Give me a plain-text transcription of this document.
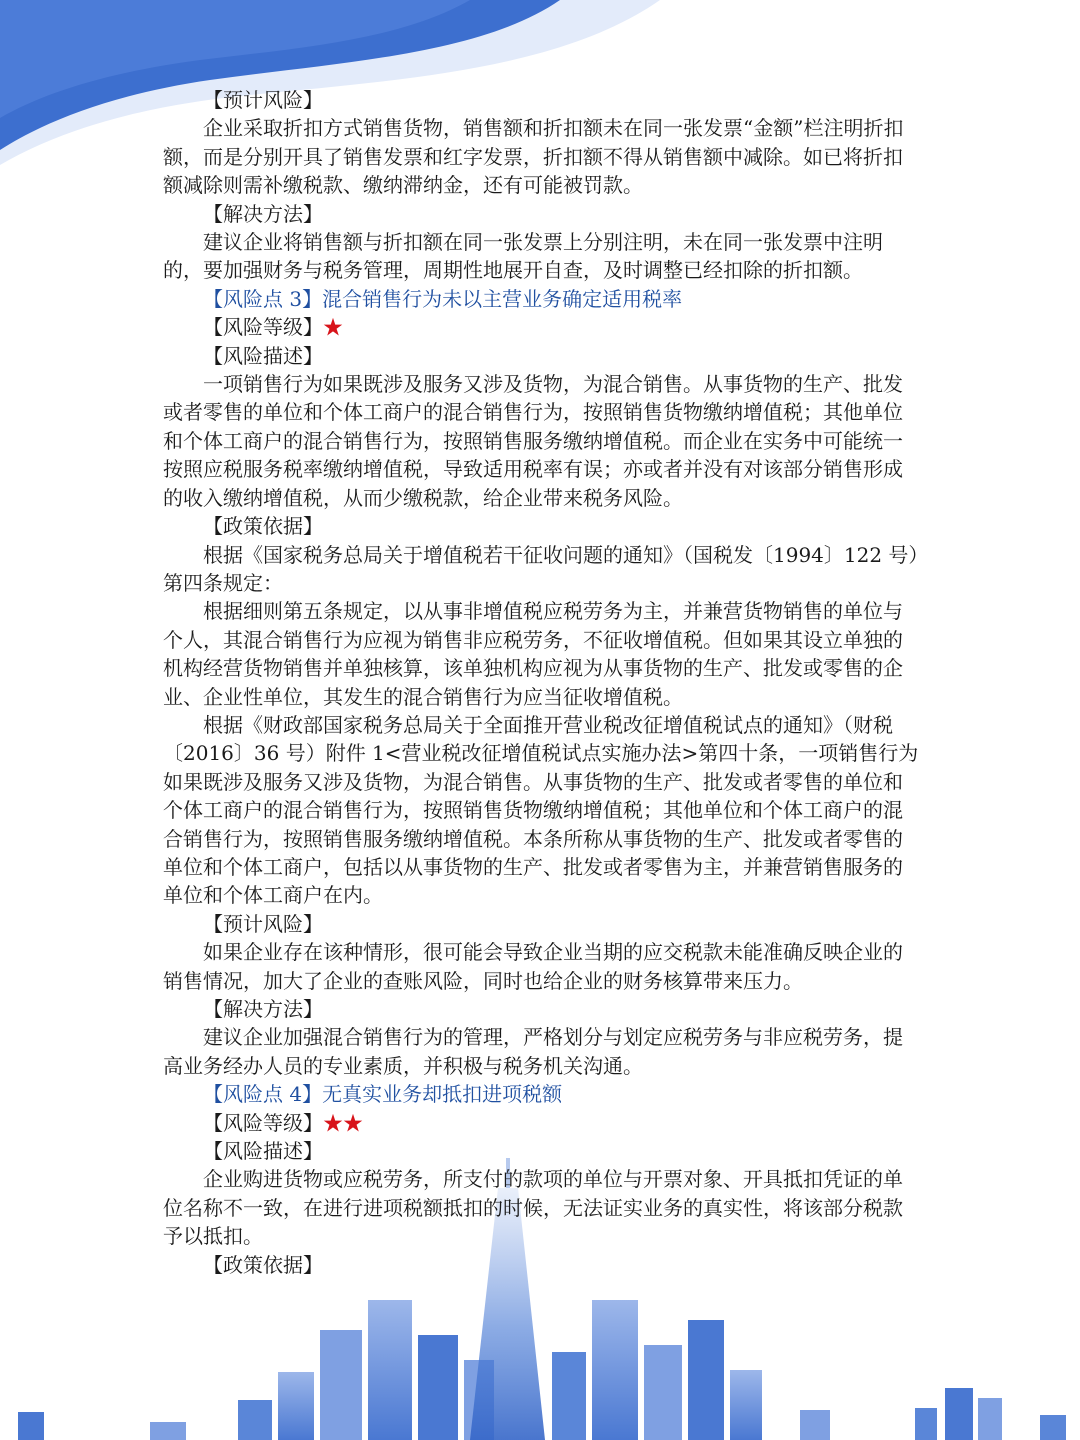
【预计风险】

企业采取折扣方式销售货物，销售额和折扣额未在同一张发票“金额”栏注明折扣额，而是分别开具了销售发票和红字发票，折扣额不得从销售额中减除。如已将折扣额减除则需补缴税款、缴纳滞纳金，还有可能被罚款。

【解决方法】

建议企业将销售额与折扣额在同一张发票上分别注明，未在同一张发票中注明的，要加强财务与税务管理，周期性地展开自查，及时调整已经扣除的折扣额。

【风险点 3】混合销售行为未以主营业务确定适用税率

【风险等级】★

【风险描述】

一项销售行为如果既涉及服务又涉及货物，为混合销售。从事货物的生产、批发或者零售的单位和个体工商户的混合销售行为，按照销售货物缴纳增值税；其他单位和个体工商户的混合销售行为，按照销售服务缴纳增值税。而企业在实务中可能统一按照应税服务税率缴纳增值税，导致适用税率有误；亦或者并没有对该部分销售形成的收入缴纳增值税，从而少缴税款，给企业带来税务风险。

【政策依据】

根据《国家税务总局关于增值税若干征收问题的通知》（国税发〔1994〕122 号）第四条规定：

根据细则第五条规定，以从事非增值税应税劳务为主，并兼营货物销售的单位与个人，其混合销售行为应视为销售非应税劳务，不征收增值税。但如果其设立单独的机构经营货物销售并单独核算，该单独机构应视为从事货物的生产、批发或零售的企业、企业性单位，其发生的混合销售行为应当征收增值税。

根据《财政部国家税务总局关于全面推开营业税改征增值税试点的通知》（财税〔2016〕36 号）附件 1<营业税改征增值税试点实施办法>第四十条，一项销售行为如果既涉及服务又涉及货物，为混合销售。从事货物的生产、批发或者零售的单位和个体工商户的混合销售行为，按照销售货物缴纳增值税；其他单位和个体工商户的混合销售行为，按照销售服务缴纳增值税。本条所称从事货物的生产、批发或者零售的单位和个体工商户，包括以从事货物的生产、批发或者零售为主，并兼营销售服务的单位和个体工商户在内。

【预计风险】

如果企业存在该种情形，很可能会导致企业当期的应交税款未能准确反映企业的销售情况，加大了企业的查账风险，同时也给企业的财务核算带来压力。

【解决方法】

建议企业加强混合销售行为的管理，严格划分与划定应税劳务与非应税劳务，提高业务经办人员的专业素质，并积极与税务机关沟通。

【风险点 4】无真实业务却抵扣进项税额

【风险等级】★★

【风险描述】

企业购进货物或应税劳务，所支付的款项的单位与开票对象、开具抵扣凭证的单位名称不一致，在进行进项税额抵扣的时候，无法证实业务的真实性，将该部分税款予以抵扣。

【政策依据】
